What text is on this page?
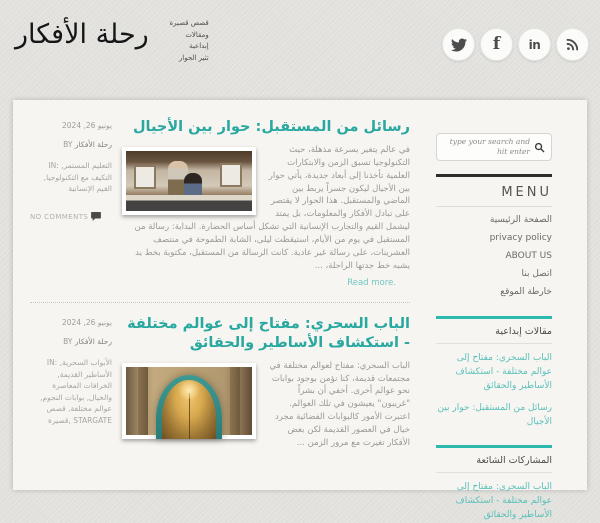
رحلة الأفكار	قصص قصيرة
ومقالات
إبداعية
تثير الحوار
f in
يونيو 26, 2024
BY رحلة الأفكار
IN: التعليم المستمر, التكيف مع التكنولوجيا, القيم الإنسانية
NO COMMENTS
رسائل من المستقبل: حوار بين الأجيال

في عالم يتغير بسرعة مذهلة، حيث التكنولوجيا تسبق الزمن والابتكارات العلمية تأخذنا إلى أبعاد جديدة، يأتي حوار بين الأجيال ليكون جسراً يربط بين الماضي والمستقبل. هذا الحوار لا يقتصر على تبادل الأفكار والمعلومات، بل يمتد ليشمل القيم والتجارب الإنسانية التي تشكل أساس الحضارة. البداية: رسالة من المستقبل في يوم من الأيام، استيقظت ليلى، الشابة الطموحة في منتصف العشرينات، على رسالة غير عادية. كانت الرسالة من المستقبل، مكتوبة بخط يد يشبه خط جدتها الراحلة، ...

Read more.
يونيو 26, 2024
BY رحلة الأفكار
IN: الأبواب السحرية, الأساطير القديمة, الخرافات المعاصرة والخيال, بوابات النجوم, عوالم مختلفة, قصص قصيرة, STARGATE
الباب السحري: مفتاح إلى عوالم مختلفة - استكشاف الأساطير والحقائق

الباب السحري: مفتاح لعوالم مختلفة في مجتمعات قديمة، كنا نؤمن بوجود بوابات نحو عوالم أخرى. أخفي أن بشراً "غريبون" يعيشون في تلك العوالم. اعتبرت الأمور كالبوابات الفضائية مجرد خيال في العصور القديمة لكن بعض الأفكار تغيرت مع مرور الزمن ...

type your search and hit enter
MENU
الصفحة الرئيسية
privacy policy
ABOUT US
اتصل بنا
خارطة الموقع
مقالات إبداعية
الباب السحري: مفتاح إلى عوالم مختلفة - استكشاف الأساطير والحقائق
رسائل من المستقبل: حوار بين الأجيال
المشاركات الشائعة
الباب السحري: مفتاح إلى عوالم مختلفة - استكشاف الأساطير والحقائق
